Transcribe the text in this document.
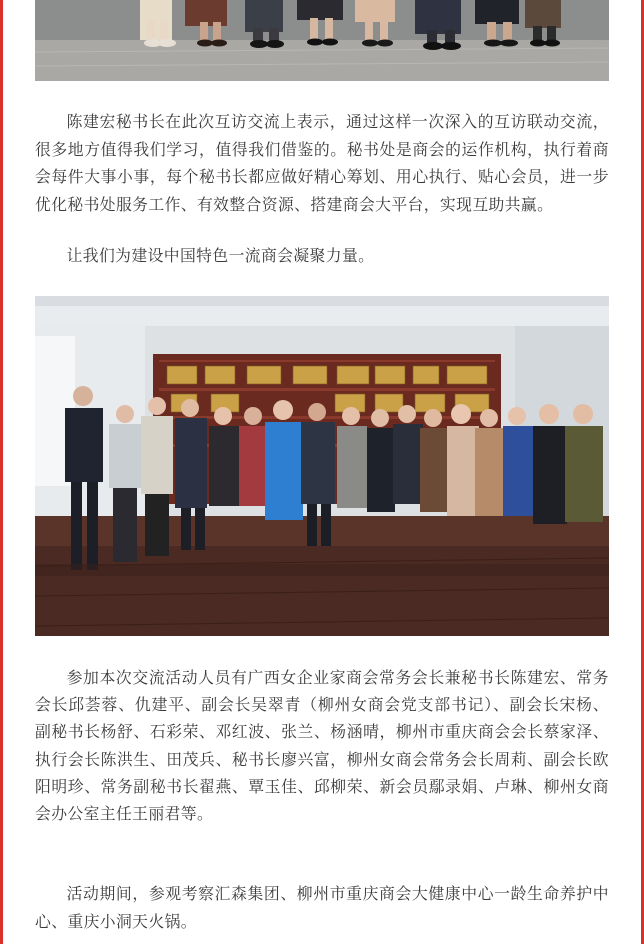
陈建宏秘书长在此次互访交流上表示，通过这样一次深入的互访联动交流，很多地方值得我们学习，值得我们借鉴的。秘书处是商会的运作机构，执行着商会每件大事小事，每个秘书长都应做好精心筹划、用心执行、贴心会员，进一步优化秘书处服务工作、有效整合资源、搭建商会大平台，实现互助共赢。

让我们为建设中国特色一流商会凝聚力量。

参加本次交流活动人员有广西女企业家商会常务会长兼秘书长陈建宏、常务会长邱荟蓉、仇建平、副会长吴翠青（柳州女商会党支部书记）、副会长宋杨、副秘书长杨舒、石彩荣、邓红波、张兰、杨涵晴，柳州市重庆商会会长蔡家泽、执行会长陈洪生、田茂兵、秘书长廖兴富，柳州女商会常务会长周莉、副会长欧阳明珍、常务副秘书长翟燕、覃玉佳、邱柳荣、新会员鄢录娟、卢琳、柳州女商会办公室主任王丽君等。

活动期间，参观考察汇森集团、柳州市重庆商会大健康中心一龄生命养护中心、重庆小洞天火锅。
